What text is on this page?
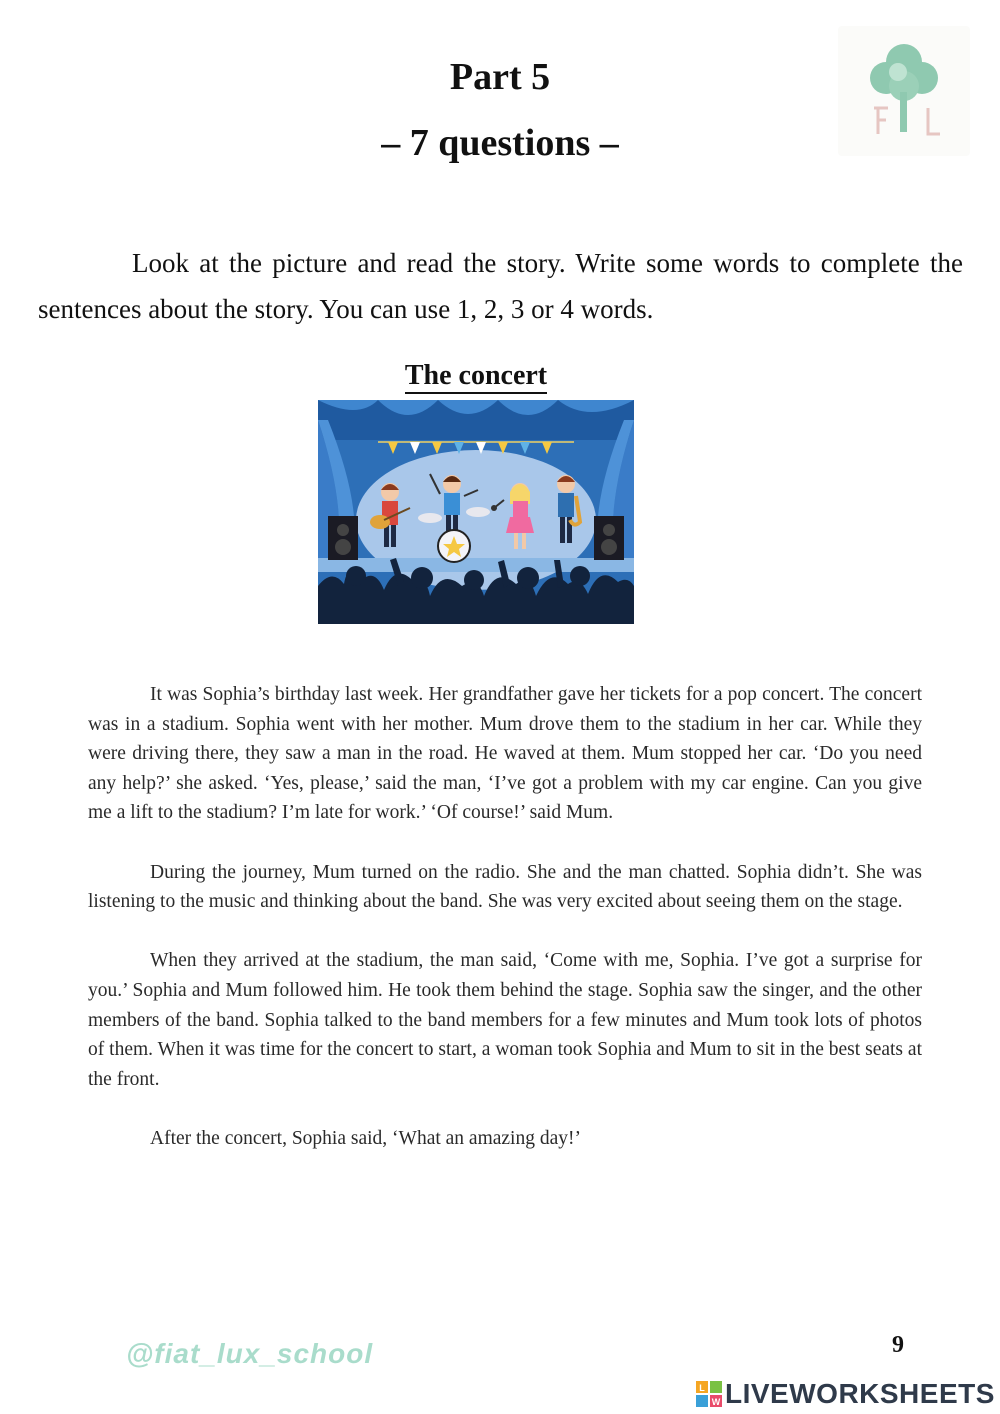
Part 5
– 7 questions –
Look at the picture and read the story. Write some words to complete the sentences about the story. You can use 1, 2, 3 or 4 words.
The concert

It was Sophia’s birthday last week. Her grandfather gave her tickets for a pop concert. The concert was in a stadium. Sophia went with her mother. Mum drove them to the stadium in her car. While they were driving there, they saw a man in the road. He waved at them. Mum stopped her car. ‘Do you need any help?’ she asked. ‘Yes, please,’ said the man, ‘I’ve got a problem with my car engine. Can you give me a lift to the stadium? I’m late for work.’ ‘Of course!’ said Mum.

During the journey, Mum turned on the radio. She and the man chatted. Sophia didn’t. She was listening to the music and thinking about the band. She was very excited about seeing them on the stage.

When they arrived at the stadium, the man said, ‘Come with me, Sophia. I’ve got a surprise for you.’ Sophia and Mum followed him. He took them behind the stage. Sophia saw the singer, and the other members of the band. Sophia talked to the band members for a few minutes and Mum took lots of photos of them. When it was time for the concert to start, a woman took Sophia and Mum to sit in the best seats at the front.

After the concert, Sophia said, ‘What an amazing day!’

@fiat_lux_school	9
L
W LIVEWORKSHEETS
